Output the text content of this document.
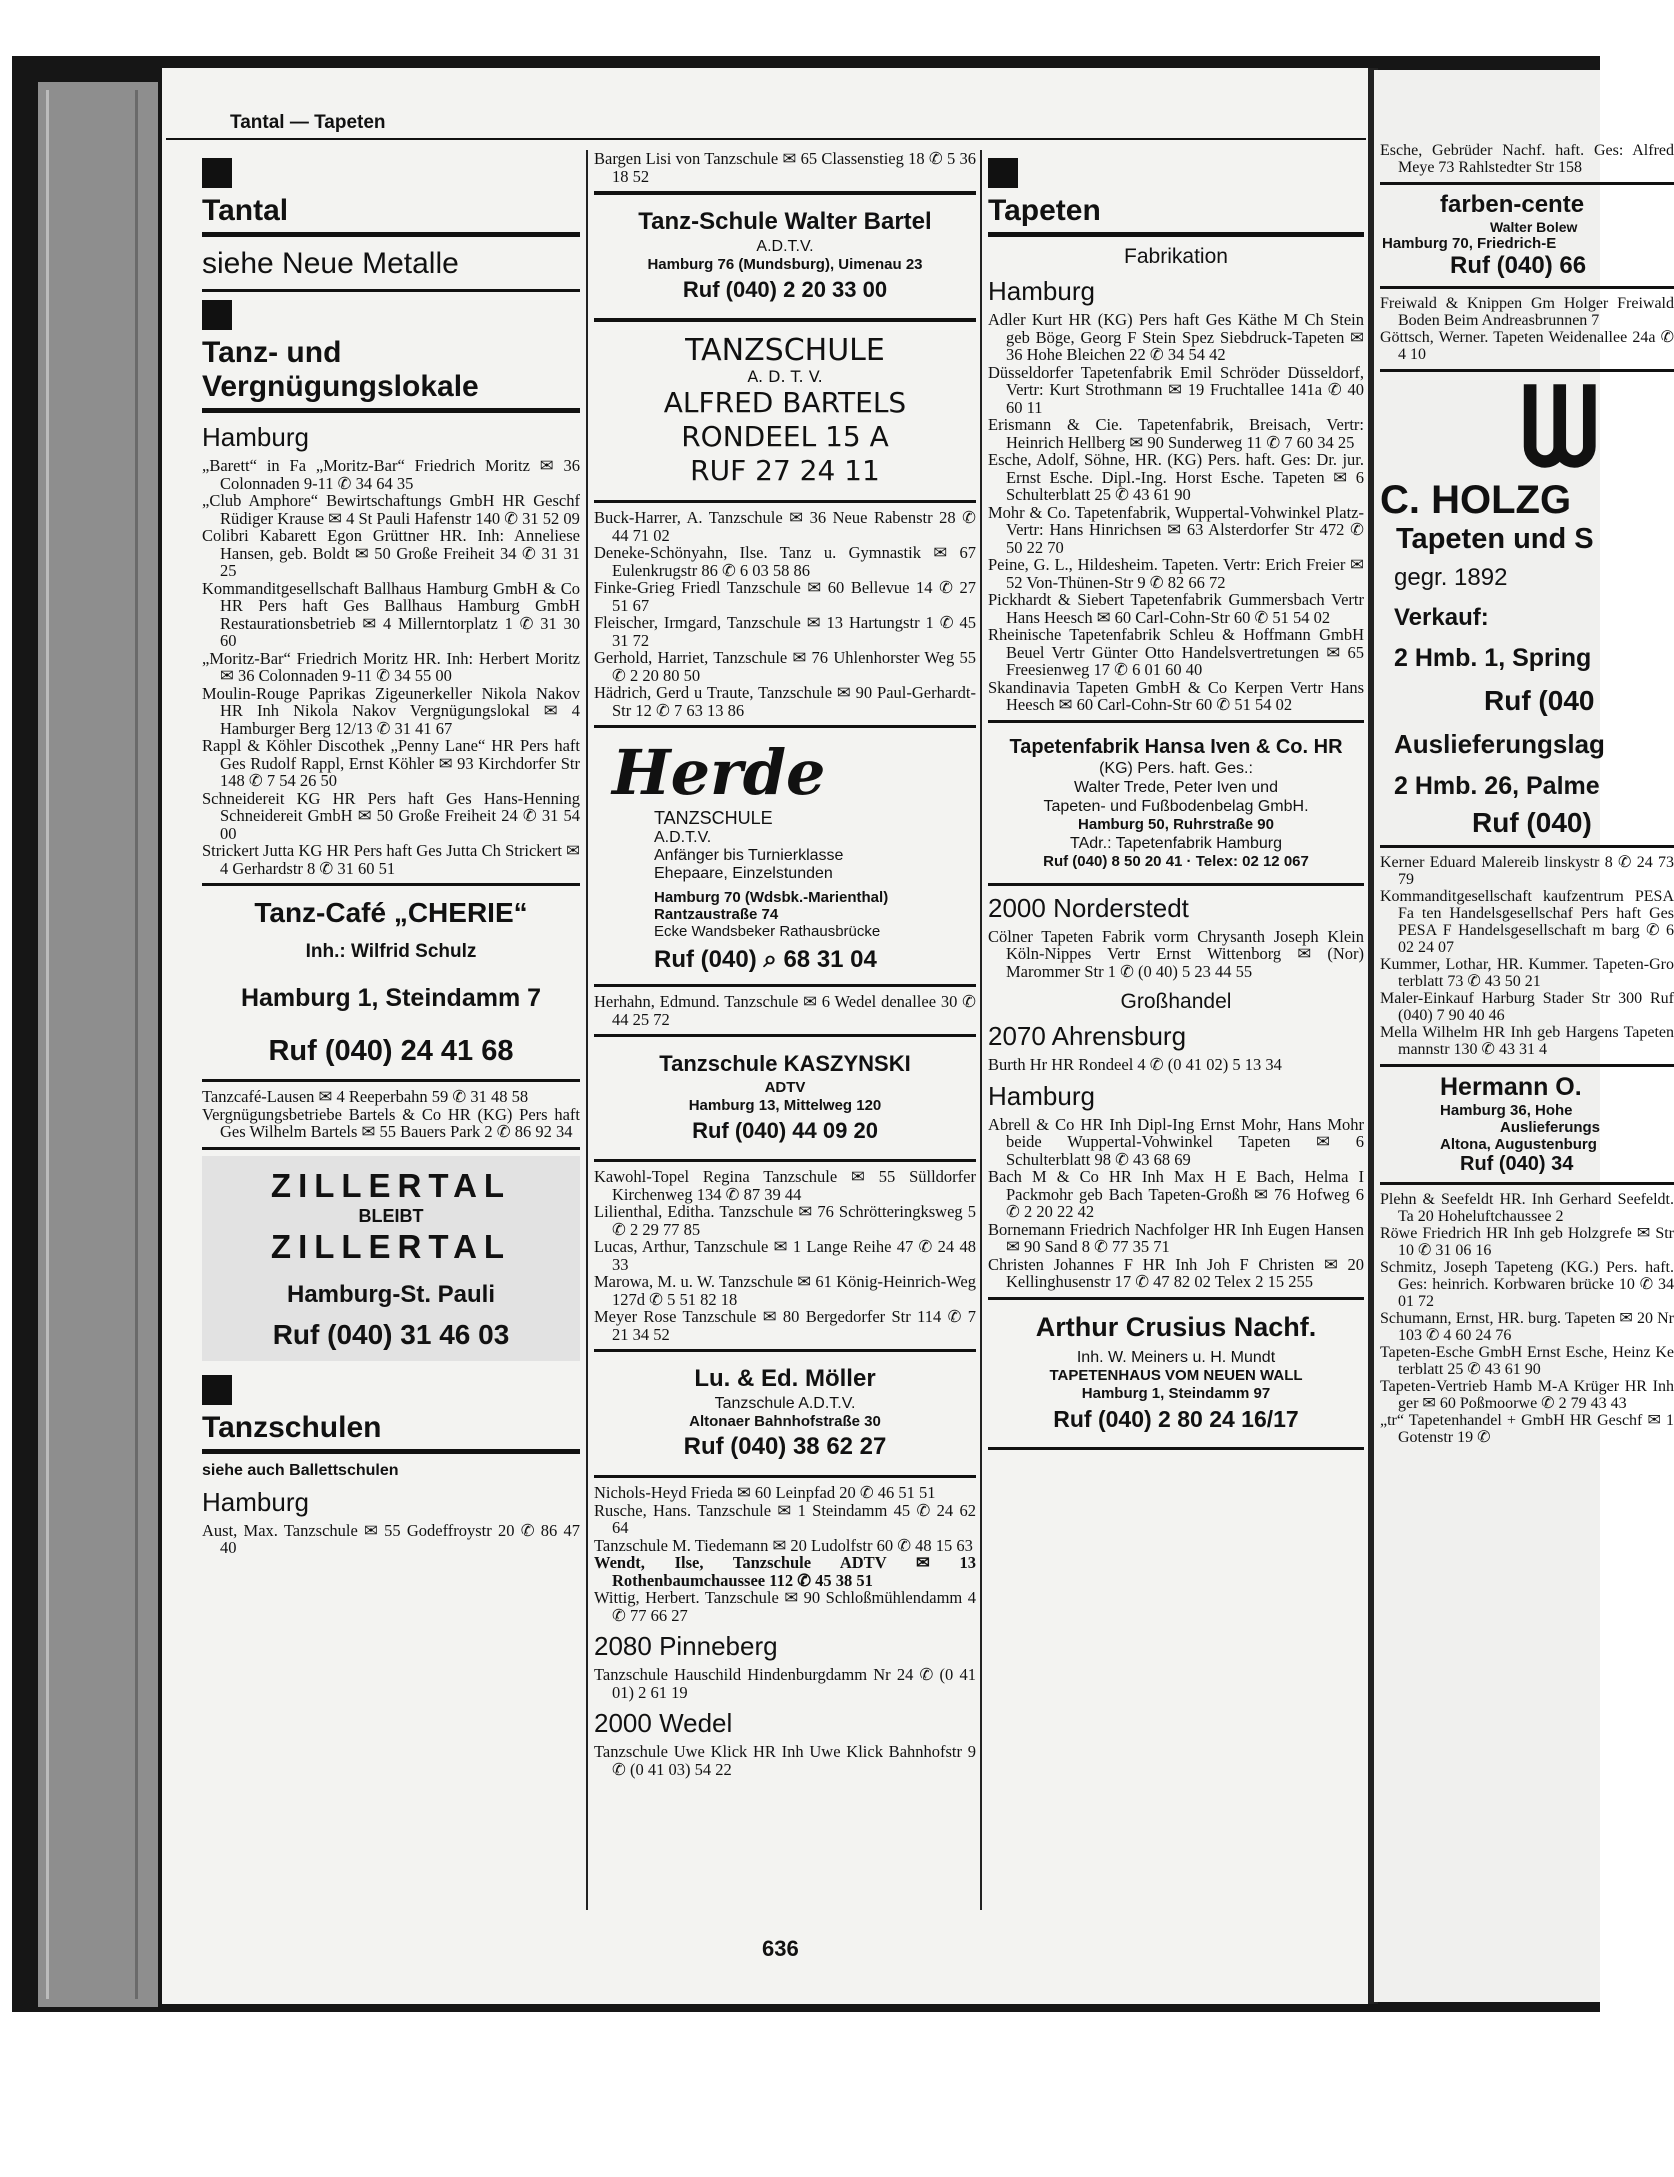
Tantal — Tapeten
Tantal
siehe Neue Metalle
Tanz- und Vergnügungslokale
Hamburg

„Barett“ in Fa „Moritz-Bar“ Friedrich Moritz ✉ 36 Colonnaden 9-11 ✆ 34 64 35

„Club Amphore“ Bewirtschaftungs GmbH HR Geschf Rüdiger Krause ✉ 4 St Pauli Hafenstr 140 ✆ 31 52 09

Colibri Kabarett Egon Grüttner HR. Inh: Anneliese Hansen, geb. Boldt ✉ 50 Große Freiheit 34 ✆ 31 31 25

Kommanditgesellschaft Ballhaus Hamburg GmbH & Co HR Pers haft Ges Ballhaus Hamburg GmbH Restaurationsbetrieb ✉ 4 Millerntorplatz 1 ✆ 31 30 60

„Moritz-Bar“ Friedrich Moritz HR. Inh: Herbert Moritz ✉ 36 Colonnaden 9-11 ✆ 34 55 00

Moulin-Rouge Paprikas Zigeunerkeller Nikola Nakov HR Inh Nikola Nakov Vergnügungslokal ✉ 4 Hamburger Berg 12/13 ✆ 31 41 67

Rappl & Köhler Discothek „Penny Lane“ HR Pers haft Ges Rudolf Rappl, Ernst Köhler ✉ 93 Kirchdorfer Str 148 ✆ 7 54 26 50

Schneidereit KG HR Pers haft Ges Hans-Henning Schneidereit GmbH ✉ 50 Große Freiheit 24 ✆ 31 54 00

Strickert Jutta KG HR Pers haft Ges Jutta Ch Strickert ✉ 4 Gerhardstr 8 ✆ 31 60 51

Tanz-Café „CHERIE“
Inh.: Wilfrid Schulz
Hamburg 1, Steindamm 7
Ruf (040) 24 41 68

Tanzcafé-Lausen ✉ 4 Reeperbahn 59 ✆ 31 48 58

Vergnügungsbetriebe Bartels & Co HR (KG) Pers haft Ges Wilhelm Bartels ✉ 55 Bauers Park 2 ✆ 86 92 34

ZILLERTAL
BLEIBT
ZILLERTAL
Hamburg-St. Pauli
Ruf (040) 31 46 03
Tanzschulen
siehe auch Ballettschulen
Hamburg

Aust, Max. Tanzschule ✉ 55 Godeffroystr 20 ✆ 86 47 40

Bargen Lisi von Tanzschule ✉ 65 Classenstieg 18 ✆ 5 36 18 52

Tanz-Schule Walter Bartel
A.D.T.V.
Hamburg 76 (Mundsburg), Uimenau 23
Ruf (040) 2 20 33 00
TANZSCHULE
A. D. T. V.
ALFRED BARTELS
RONDEEL 15 A
RUF 27 24 11

Buck-Harrer, A. Tanzschule ✉ 36 Neue Rabenstr 28 ✆ 44 71 02

Deneke-Schönyahn, Ilse. Tanz u. Gymnastik ✉ 67 Eulenkrugstr 86 ✆ 6 03 58 86

Finke-Grieg Friedl Tanzschule ✉ 60 Bellevue 14 ✆ 27 51 67

Fleischer, Irmgard, Tanzschule ✉ 13 Hartungstr 1 ✆ 45 31 72

Gerhold, Harriet, Tanzschule ✉ 76 Uhlenhorster Weg 55 ✆ 2 20 80 50

Hädrich, Gerd u Traute, Tanzschule ✉ 90 Paul-Gerhardt-Str 12 ✆ 7 63 13 86

Herde
TANZSCHULE
A.D.T.V.
Anfänger bis Turnierklasse
Ehepaare, Einzelstunden
Hamburg 70 (Wdsbk.-Marienthal)
Rantzaustraße 74
Ecke Wandsbeker Rathausbrücke
Ruf (040) ⌕ 68 31 04

Herhahn, Edmund. Tanzschule ✉ 6 Wedel denallee 30 ✆ 44 25 72

Tanzschule KASZYNSKI
ADTV
Hamburg 13, Mittelweg 120
Ruf (040) 44 09 20

Kawohl-Topel Regina Tanzschule ✉ 55 Sülldorfer Kirchenweg 134 ✆ 87 39 44

Lilienthal, Editha. Tanzschule ✉ 76 Schrötteringksweg 5 ✆ 2 29 77 85

Lucas, Arthur, Tanzschule ✉ 1 Lange Reihe 47 ✆ 24 48 33

Marowa, M. u. W. Tanzschule ✉ 61 König-Heinrich-Weg 127d ✆ 5 51 82 18

Meyer Rose Tanzschule ✉ 80 Bergedorfer Str 114 ✆ 7 21 34 52

Lu. & Ed. Möller
Tanzschule A.D.T.V.
Altonaer Bahnhofstraße 30
Ruf (040) 38 62 27

Nichols-Heyd Frieda ✉ 60 Leinpfad 20 ✆ 46 51 51

Rusche, Hans. Tanzschule ✉ 1 Steindamm 45 ✆ 24 62 64

Tanzschule M. Tiedemann ✉ 20 Ludolfstr 60 ✆ 48 15 63

Wendt, Ilse, Tanzschule ADTV ✉ 13 Rothenbaumchaussee 112 ✆ 45 38 51

Wittig, Herbert. Tanzschule ✉ 90 Schloßmühlendamm 4 ✆ 77 66 27

2080 Pinneberg

Tanzschule Hauschild Hindenburgdamm Nr 24 ✆ (0 41 01) 2 61 19

2000 Wedel

Tanzschule Uwe Klick HR Inh Uwe Klick Bahnhofstr 9 ✆ (0 41 03) 54 22

Tapeten
Fabrikation
Hamburg

Adler Kurt HR (KG) Pers haft Ges Käthe M Ch Stein geb Böge, Georg F Stein Spez Siebdruck-Tapeten ✉ 36 Hohe Bleichen 22 ✆ 34 54 42

Düsseldorfer Tapetenfabrik Emil Schröder Düsseldorf, Vertr: Kurt Strothmann ✉ 19 Fruchtallee 141a ✆ 40 60 11

Erismann & Cie. Tapetenfabrik, Breisach, Vertr: Heinrich Hellberg ✉ 90 Sunderweg 11 ✆ 7 60 34 25

Esche, Adolf, Söhne, HR. (KG) Pers. haft. Ges: Dr. jur. Ernst Esche. Dipl.-Ing. Horst Esche. Tapeten ✉ 6 Schulterblatt 25 ✆ 43 61 90

Mohr & Co. Tapetenfabrik, Wuppertal-Vohwinkel Platz-Vertr: Hans Hinrichsen ✉ 63 Alsterdorfer Str 472 ✆ 50 22 70

Peine, G. L., Hildesheim. Tapeten. Vertr: Erich Freier ✉ 52 Von-Thünen-Str 9 ✆ 82 66 72

Pickhardt & Siebert Tapetenfabrik Gummersbach Vertr Hans Heesch ✉ 60 Carl-Cohn-Str 60 ✆ 51 54 02

Rheinische Tapetenfabrik Schleu & Hoffmann GmbH Beuel Vertr Günter Otto Handelsvertretungen ✉ 65 Freesienweg 17 ✆ 6 01 60 40

Skandinavia Tapeten GmbH & Co Kerpen Vertr Hans Heesch ✉ 60 Carl-Cohn-Str 60 ✆ 51 54 02

Tapetenfabrik Hansa Iven & Co. HR
(KG) Pers. haft. Ges.:
Walter Trede, Peter Iven und
Tapeten- und Fußbodenbelag GmbH.
Hamburg 50, Ruhrstraße 90
TAdr.: Tapetenfabrik Hamburg
Ruf (040) 8 50 20 41 · Telex: 02 12 067
2000 Norderstedt

Cölner Tapeten Fabrik vorm Chrysanth Joseph Klein Köln-Nippes Vertr Ernst Wittenborg ✉ (Nor) Marommer Str 1 ✆ (0 40) 5 23 44 55

Großhandel
2070 Ahrensburg

Burth Hr HR Rondeel 4 ✆ (0 41 02) 5 13 34

Hamburg

Abrell & Co HR Inh Dipl-Ing Ernst Mohr, Hans Mohr beide Wuppertal-Vohwinkel Tapeten ✉ 6 Schulterblatt 98 ✆ 43 68 69

Bach M & Co HR Inh Max H E Bach, Helma I Packmohr geb Bach Tapeten-Großh ✉ 76 Hofweg 6 ✆ 2 20 22 42

Bornemann Friedrich Nachfolger HR Inh Eugen Hansen ✉ 90 Sand 8 ✆ 77 35 71

Christen Johannes F HR Inh Joh F Christen ✉ 20 Kellinghusenstr 17 ✆ 47 82 02 Telex 2 15 255

Arthur Crusius Nachf.
Inh. W. Meiners u. H. Mundt
TAPETENHAUS VOM NEUEN WALL
Hamburg 1, Steindamm 97
Ruf (040) 2 80 24 16/17
636

Esche, Gebrüder Nachf. haft. Ges: Alfred Meye 73 Rahlstedter Str 158

farben-cente
Walter Bolew
Hamburg 70, Friedrich-E
Ruf (040) 66

Freiwald & Knippen Gm Holger Freiwald Boden Beim Andreasbrunnen 7

Göttsch, Werner. Tapeten Weidenallee 24a ✆ 4 10

ᗯ
C. HOLZG
Tapeten und S
gegr. 1892
Verkauf:
2 Hmb. 1, Spring
Ruf (040
Auslieferungslag
2 Hmb. 26, Palme
Ruf (040)

Kerner Eduard Malereib linskystr 8 ✆ 24 73 79

Kommanditgesellschaft kaufzentrum PESA Fa ten Handelsgesellschaf Pers haft Ges PESA F Handelsgesellschaft m barg ✆ 6 02 24 07

Kummer, Lothar, HR. Kummer. Tapeten-Gro terblatt 73 ✆ 43 50 21

Maler-Einkauf Harburg Stader Str 300 Ruf (040) 7 90 40 46

Mella Wilhelm HR Inh geb Hargens Tapeten mannstr 130 ✆ 43 31 4

Hermann O.
Hamburg 36, Hohe
Auslieferungs
Altona, Augustenburg
Ruf (040) 34

Plehn & Seefeldt HR. Inh Gerhard Seefeldt. Ta 20 Hoheluftchaussee 2

Röwe Friedrich HR Inh geb Holzgrefe ✉ Str 10 ✆ 31 06 16

Schmitz, Joseph Tapeteng (KG.) Pers. haft. Ges: heinrich. Korbwaren brücke 10 ✆ 34 01 72

Schumann, Ernst, HR. burg. Tapeten ✉ 20 Nr 103 ✆ 4 60 24 76

Tapeten-Esche GmbH Ernst Esche, Heinz Ke terblatt 25 ✆ 43 61 90

Tapeten-Vertrieb Hamb M-A Krüger HR Inh ger ✉ 60 Poßmoorwe ✆ 2 79 43 43

„tr“ Tapetenhandel + GmbH HR Geschf ✉ 1 Gotenstr 19 ✆
